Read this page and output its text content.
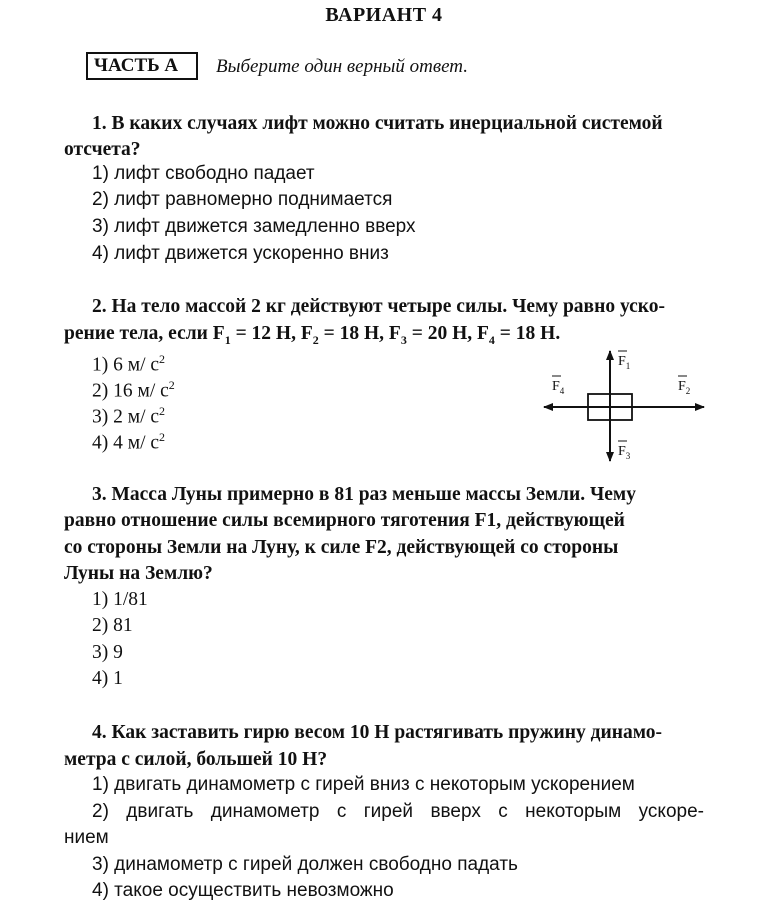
ВАРИАНТ 4
ЧАСТЬ А	Выберите один верный ответ.
1. В каких случаях лифт можно считать инерциальной системой
отсчета?
1) лифт свободно падает
2) лифт равномерно поднимается
3) лифт движется замедленно вверх
4) лифт движется ускоренно вниз
2. На тело массой 2 кг действуют четыре силы. Чему равно уско-
рение тела, если $F_1 = 12$ Н, $F_2 = 18$ Н, $F_3 = 20$ Н, $F_4 = 18$ Н.
1) 6 м/ $с^2$
2) 16 м/ $с^2$
3) 2 м/ $с^2$
4) 4 м/ $с^2$
$F_1$
$F_2$
$F_3$
$F_4$
3. Масса Луны примерно в 81 раз меньше массы Земли. Чему
равно отношение силы всемирного тяготения F1, действующей
со стороны Земли на Луну, к силе F2, действующей со стороны
Луны на Землю?
1) 1/81
2) 81
3) 9
4) 1
4. Как заставить гирю весом 10 Н растягивать пружину динамо-
метра с силой, большей 10 Н?
1) двигать динамометр с гирей вниз с некоторым ускорением
2) двигать динамометр с гирей вверх с некоторым ускоре-
нием
3) динамометр с гирей должен свободно падать
4) такое осуществить невозможно
